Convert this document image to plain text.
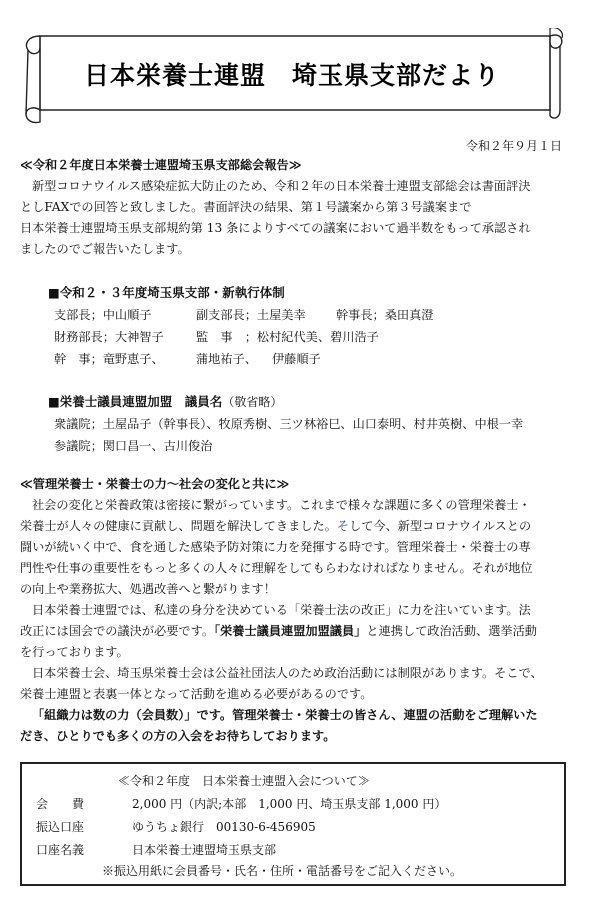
日本栄養士連盟　埼玉県支部だより
令和２年９月１日
≪令和２年度日本栄養士連盟埼玉県支部総会報告≫
新型コロナウイルス感染症拡大防止のため、令和２年の日本栄養士連盟支部総会は書面評決
としFAXでの回答と致しました。書面評決の結果、第１号議案から第３号議案まで
日本栄養士連盟埼玉県支部規約第 13 条によりすべての議案において過半数をもって承認され
ましたのでご報告いたします。
■令和２・３年度埼玉県支部・新執行体制
支部長；中山順子	副支部長；土屋美幸 幹事長；桑田真澄
財務部長；大神智子	監　事　；松村紀代美、碧川浩子
幹　事；竜野恵子、	蒲地祐子、 伊藤順子
■栄養士議員連盟加盟　議員名（敬省略）
衆議院；土屋品子（幹事長）、牧原秀樹、三ツ林裕巳、山口泰明、村井英樹、中根一幸
参議院；関口昌一、古川俊治
≪管理栄養士・栄養士の力〜社会の変化と共に≫
社会の変化と栄養政策は密接に繋がっています。これまで様々な課題に多くの管理栄養士・
栄養士が人々の健康に貢献し、問題を解決してきました。そして今、新型コロナウイルスとの
闘いが続いく中で、食を通した感染予防対策に力を発揮する時です。管理栄養士・栄養士の専
門性や仕事の重要性をもっと多くの人々に理解をしてもらわなければなりません。それが地位
の向上や業務拡大、処遇改善へと繋がります！
日本栄養士連盟では、私達の身分を決めている「栄養士法の改正」に力を注いています。法
改正には国会での議決が必要です。「栄養士議員連盟加盟議員」と連携して政治活動、選挙活動
を行っております。
日本栄養士会、埼玉県栄養士会は公益社団法人のため政治活動には制限があります。そこで、
栄養士連盟と表裏一体となって活動を進める必要があるのです。
「組織力は数の力（会員数）」です。管理栄養士・栄養士の皆さん、連盟の活動をご理解いた
だき、ひとりでも多くの方の入会をお待ちしております。
≪令和２年度　日本栄養士連盟入会について≫
会　　費	2,000 円（内訳;本部　1,000 円、埼玉県支部 1,000 円）
振込口座	ゆうちょ銀行　00130-6-456905
口座名義	日本栄養士連盟埼玉県支部
※振込用紙に会員番号・氏名・住所・電話番号をご記入ください。
